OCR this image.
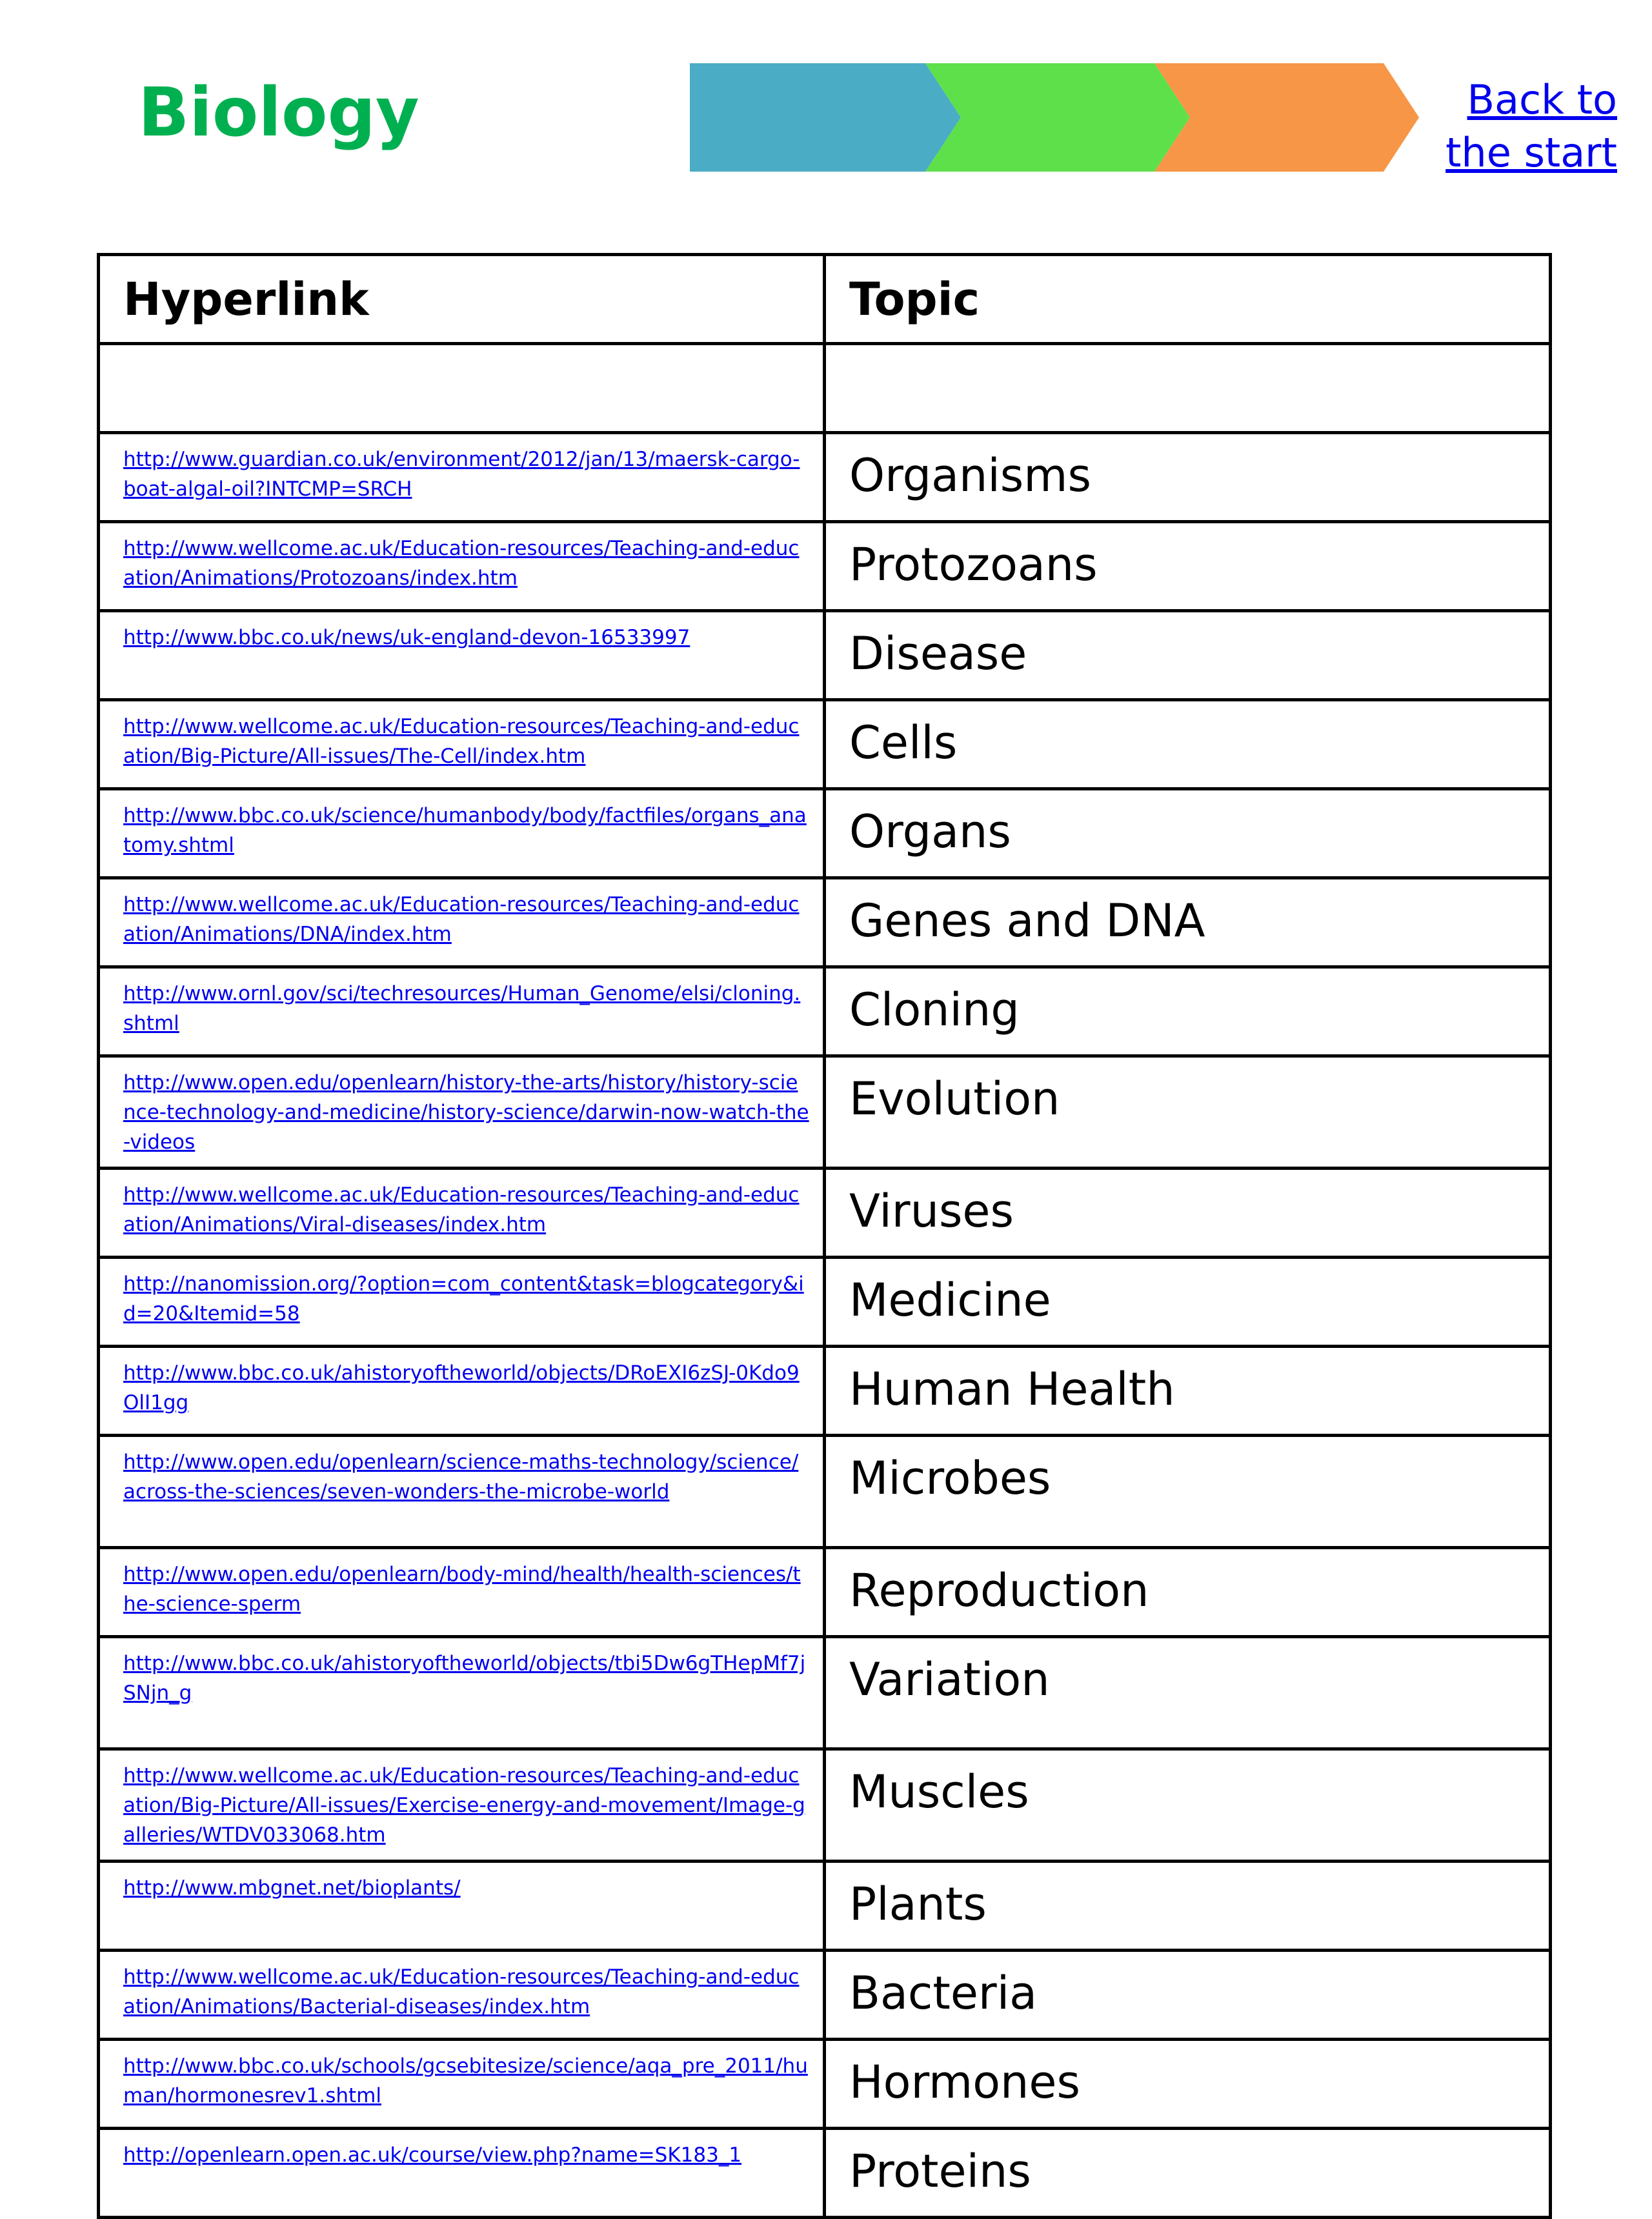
Biology	Back to
the start
Hyperlink	Topic

http://www.guardian.co.uk/environment/2012/jan/13/maersk-cargo-boat-algal-oil?INTCMP=SRCH	Organisms
http://www.wellcome.ac.uk/Education-resources/Teaching-and-education/Animations/Protozoans/index.htm	Protozoans
http://www.bbc.co.uk/news/uk-england-devon-16533997	Disease
http://www.wellcome.ac.uk/Education-resources/Teaching-and-education/Big-Picture/All-issues/The-Cell/index.htm	Cells
http://www.bbc.co.uk/science/humanbody/body/factfiles/organs_anatomy.shtml	Organs
http://www.wellcome.ac.uk/Education-resources/Teaching-and-education/Animations/DNA/index.htm	Genes and DNA
http://www.ornl.gov/sci/techresources/Human_Genome/elsi/cloning.shtml	Cloning
http://www.open.edu/openlearn/history-the-arts/history/history-science-technology-and-medicine/history-science/darwin-now-watch-the-videos	Evolution
http://www.wellcome.ac.uk/Education-resources/Teaching-and-education/Animations/Viral-diseases/index.htm	Viruses
http://nanomission.org/?option=com_content&task=blogcategory&id=20&Itemid=58	Medicine
http://www.bbc.co.uk/ahistoryoftheworld/objects/DRoEXI6zSJ-0Kdo9OlI1gg	Human Health
http://www.open.edu/openlearn/science-maths-technology/science/across-the-sciences/seven-wonders-the-microbe-world	Microbes
http://www.open.edu/openlearn/body-mind/health/health-sciences/the-science-sperm	Reproduction
http://www.bbc.co.uk/ahistoryoftheworld/objects/tbi5Dw6gTHepMf7jSNjn_g	Variation
http://www.wellcome.ac.uk/Education-resources/Teaching-and-education/Big-Picture/All-issues/Exercise-energy-and-movement/Image-galleries/WTDV033068.htm	Muscles
http://www.mbgnet.net/bioplants/	Plants
http://www.wellcome.ac.uk/Education-resources/Teaching-and-education/Animations/Bacterial-diseases/index.htm	Bacteria
http://www.bbc.co.uk/schools/gcsebitesize/science/aqa_pre_2011/human/hormonesrev1.shtml	Hormones
http://openlearn.open.ac.uk/course/view.php?name=SK183_1	Proteins
